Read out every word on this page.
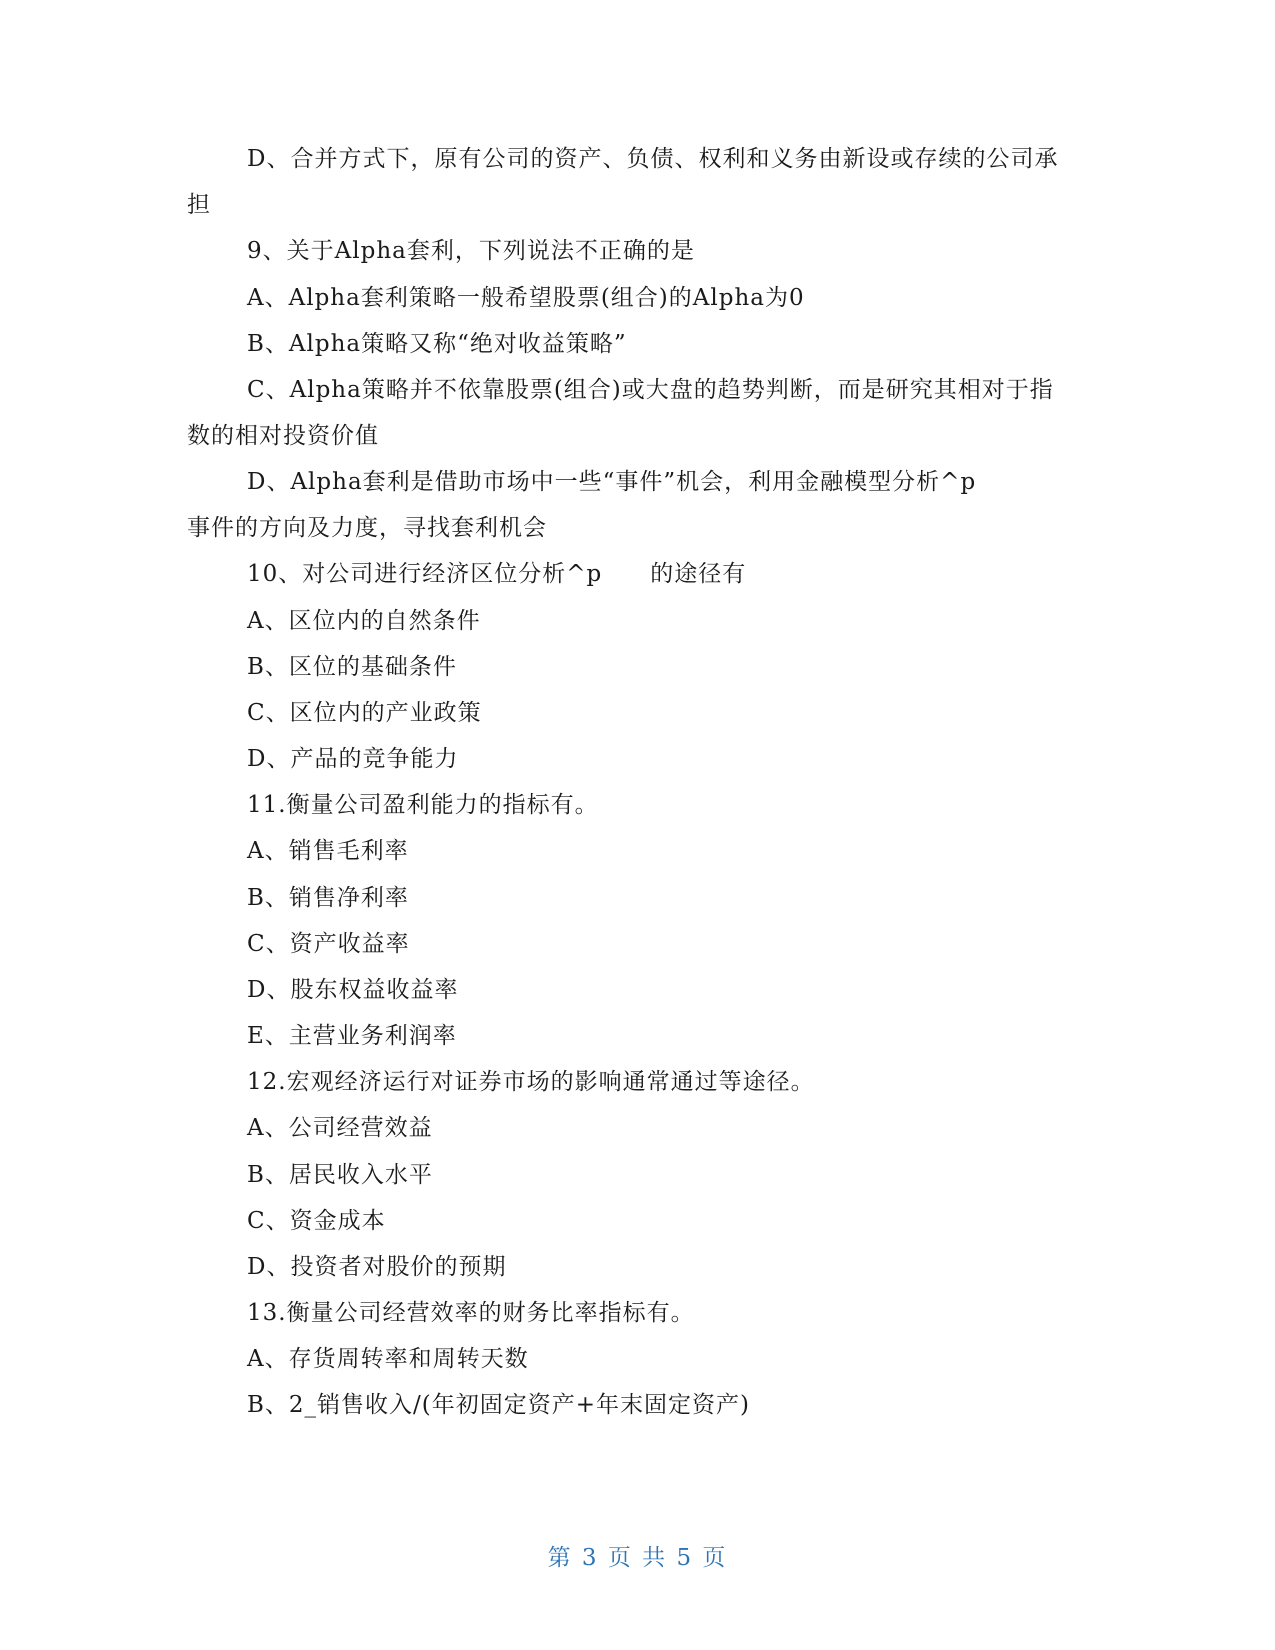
D、合并方式下，原有公司的资产、负债、权利和义务由新设或存续的公司承
担
9、关于Alpha套利，下列说法不正确的是
A、Alpha套利策略一般希望股票(组合)的Alpha为0
B、Alpha策略又称“绝对收益策略”
C、Alpha策略并不依靠股票(组合)或大盘的趋势判断，而是研究其相对于指
数的相对投资价值
D、Alpha套利是借助市场中一些“事件”机会，利用金融模型分析^p
事件的方向及力度，寻找套利机会
10、对公司进行经济区位分析^p　　的途径有
A、区位内的自然条件
B、区位的基础条件
C、区位内的产业政策
D、产品的竞争能力
11.衡量公司盈利能力的指标有。
A、销售毛利率
B、销售净利率
C、资产收益率
D、股东权益收益率
E、主营业务利润率
12.宏观经济运行对证券市场的影响通常通过等途径。
A、公司经营效益
B、居民收入水平
C、资金成本
D、投资者对股价的预期
13.衡量公司经营效率的财务比率指标有。
A、存货周转率和周转天数
B、2_销售收入/(年初固定资产+年末固定资产)
第 3 页 共 5 页
